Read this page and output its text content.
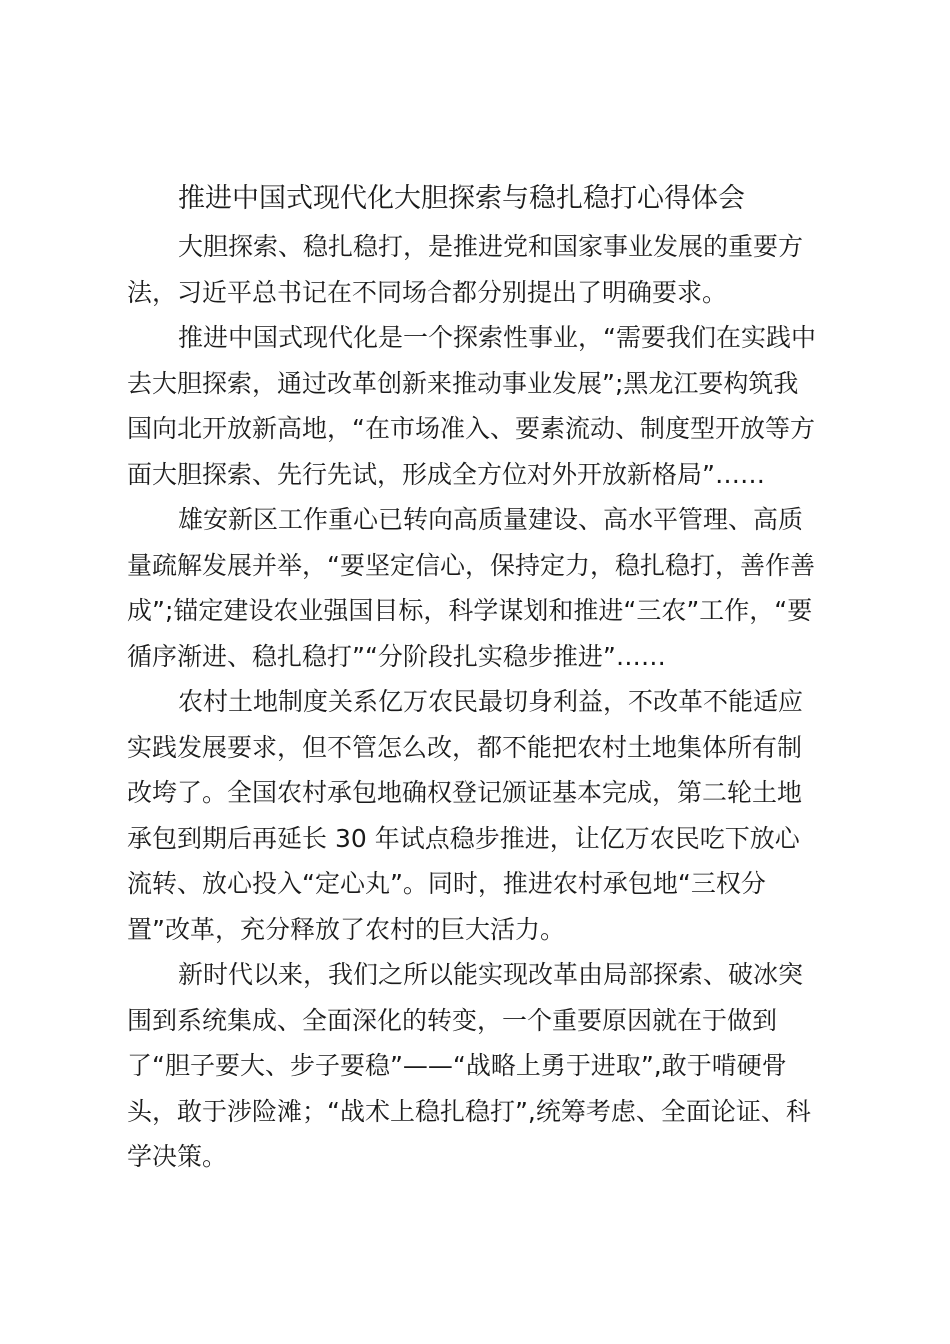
推进中国式现代化大胆探索与稳扎稳打心得体会

大胆探索、稳扎稳打，是推进党和国家事业发展的重要方
法，习近平总书记在不同场合都分别提出了明确要求。

推进中国式现代化是一个探索性事业，“需要我们在实践中
去大胆探索，通过改革创新来推动事业发展”;黑龙江要构筑我
国向北开放新高地，“在市场准入、要素流动、制度型开放等方
面大胆探索、先行先试，形成全方位对外开放新格局”……

雄安新区工作重心已转向高质量建设、高水平管理、高质
量疏解发展并举，“要坚定信心，保持定力，稳扎稳打，善作善
成”;锚定建设农业强国目标，科学谋划和推进“三农”工作，“要
循序渐进、稳扎稳打”“分阶段扎实稳步推进”……

农村土地制度关系亿万农民最切身利益，不改革不能适应
实践发展要求，但不管怎么改，都不能把农村土地集体所有制
改垮了。全国农村承包地确权登记颁证基本完成，第二轮土地
承包到期后再延长 30 年试点稳步推进，让亿万农民吃下放心
流转、放心投入“定心丸”。同时，推进农村承包地“三权分
置”改革，充分释放了农村的巨大活力。

新时代以来，我们之所以能实现改革由局部探索、破冰突
围到系统集成、全面深化的转变，一个重要原因就在于做到
了“胆子要大、步子要稳”——“战略上勇于进取”,敢于啃硬骨
头，敢于涉险滩；“战术上稳扎稳打”,统筹考虑、全面论证、科
学决策。
